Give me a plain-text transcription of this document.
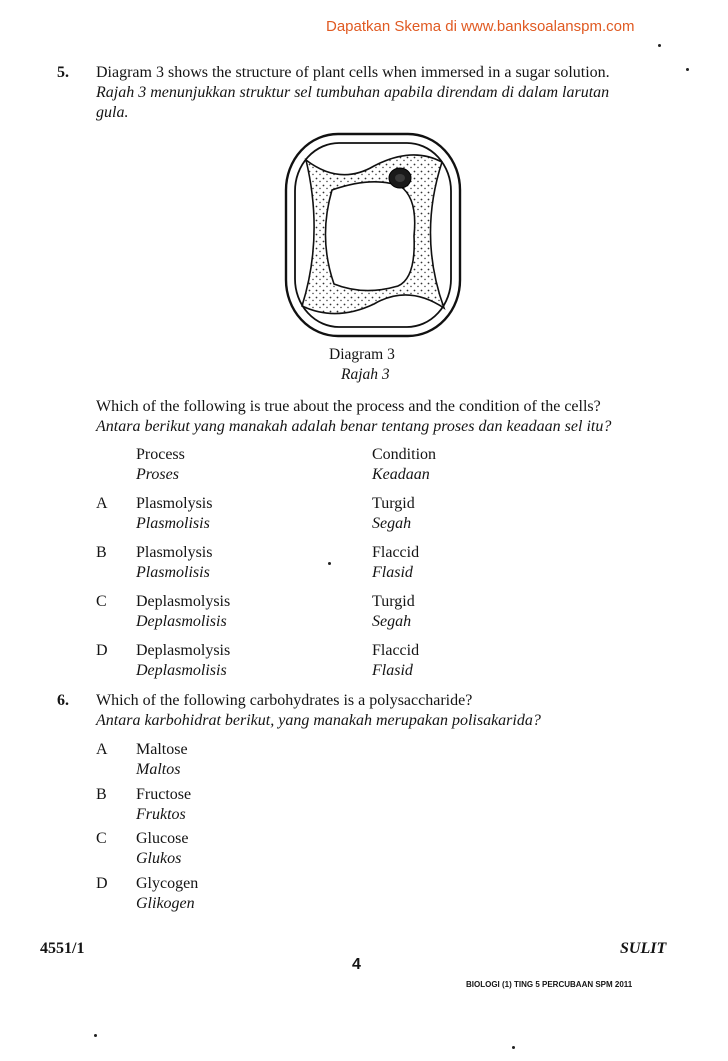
Dapatkan Skema di www.banksoalanspm.com
5. Diagram 3 shows the structure of plant cells when immersed in a sugar solution.
Rajah 3 menunjukkan struktur sel tumbuhan apabila direndam di dalam larutan
gula.
Diagram 3
Rajah 3
Which of the following is true about the process and the condition of the cells?
Antara berikut yang manakah adalah benar tentang proses dan keadaan sel itu?
Process
Proses
Condition
Keadaan
A Plasmolysis
Plasmolisis
Turgid
Segah
B Plasmolysis
Plasmolisis
Flaccid
Flasid
C Deplasmolysis
Deplasmolisis
Turgid
Segah
D Deplasmolysis
Deplasmolisis
Flaccid
Flasid
6. Which of the following carbohydrates is a polysaccharide?
Antara karbohidrat berikut, yang manakah merupakan polisakarida?
A Maltose
Maltos
B Fructose
Fruktos
C Glucose
Glukos
D Glycogen
Glikogen
4551/1	SULIT
4
BIOLOGI (1) TING 5 PERCUBAAN SPM 2011
